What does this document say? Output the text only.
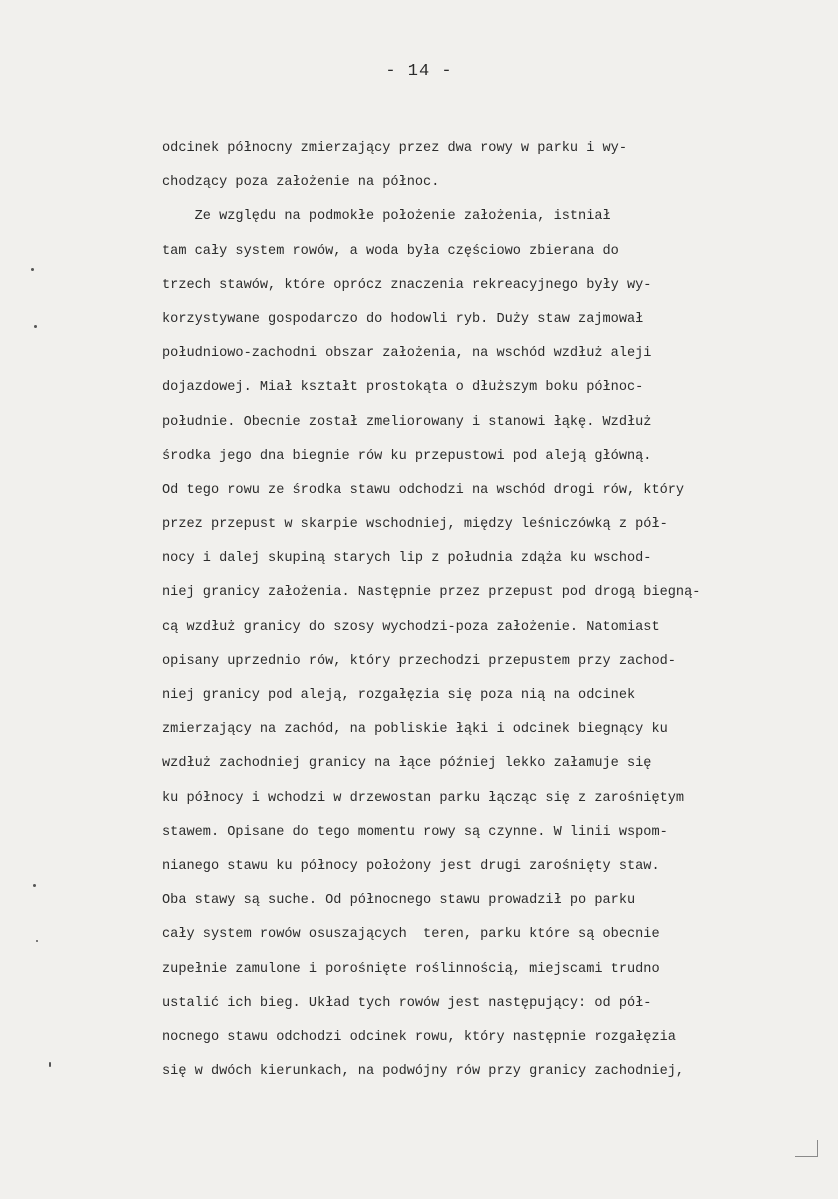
- 14 -
odcinek północny zmierzający przez dwa rowy w parku i wy-
chodzący poza założenie na północ.
Ze względu na podmokłe położenie założenia, istniał
tam cały system rowów, a woda była częściowo zbierana do
trzech stawów, które oprócz znaczenia rekreacyjnego były wy-
korzystywane gospodarczo do hodowli ryb. Duży staw zajmował
południowo-zachodni obszar założenia, na wschód wzdłuż aleji
dojazdowej. Miał kształt prostokąta o dłuższym boku północ-
południe. Obecnie został zmeliorowany i stanowi łąkę. Wzdłuż
środka jego dna biegnie rów ku przepustowi pod aleją główną.
Od tego rowu ze środka stawu odchodzi na wschód drogi rów, który
przez przepust w skarpie wschodniej, między leśniczówką z pół-
nocy i dalej skupiną starych lip z południa zdąża ku wschod-
niej granicy założenia. Następnie przez przepust pod drogą biegną-
cą wzdłuż granicy do szosy wychodzi-poza założenie. Natomiast
opisany uprzednio rów, który przechodzi przepustem przy zachod-
niej granicy pod aleją, rozgałęzia się poza nią na odcinek
zmierzający na zachód, na pobliskie łąki i odcinek biegnący ku
wzdłuż zachodniej granicy na łące później lekko załamuje się
ku północy i wchodzi w drzewostan parku łącząc się z zarośniętym
stawem. Opisane do tego momentu rowy są czynne. W linii wspom-
nianego stawu ku północy położony jest drugi zarośnięty staw.
Oba stawy są suche. Od północnego stawu prowadził po parku
cały system rowów osuszających  teren, parku które są obecnie
zupełnie zamulone i porośnięte roślinnością, miejscami trudno
ustalić ich bieg. Układ tych rowów jest następujący: od pół-
nocnego stawu odchodzi odcinek rowu, który następnie rozgałęzia
się w dwóch kierunkach, na podwójny rów przy granicy zachodniej,
